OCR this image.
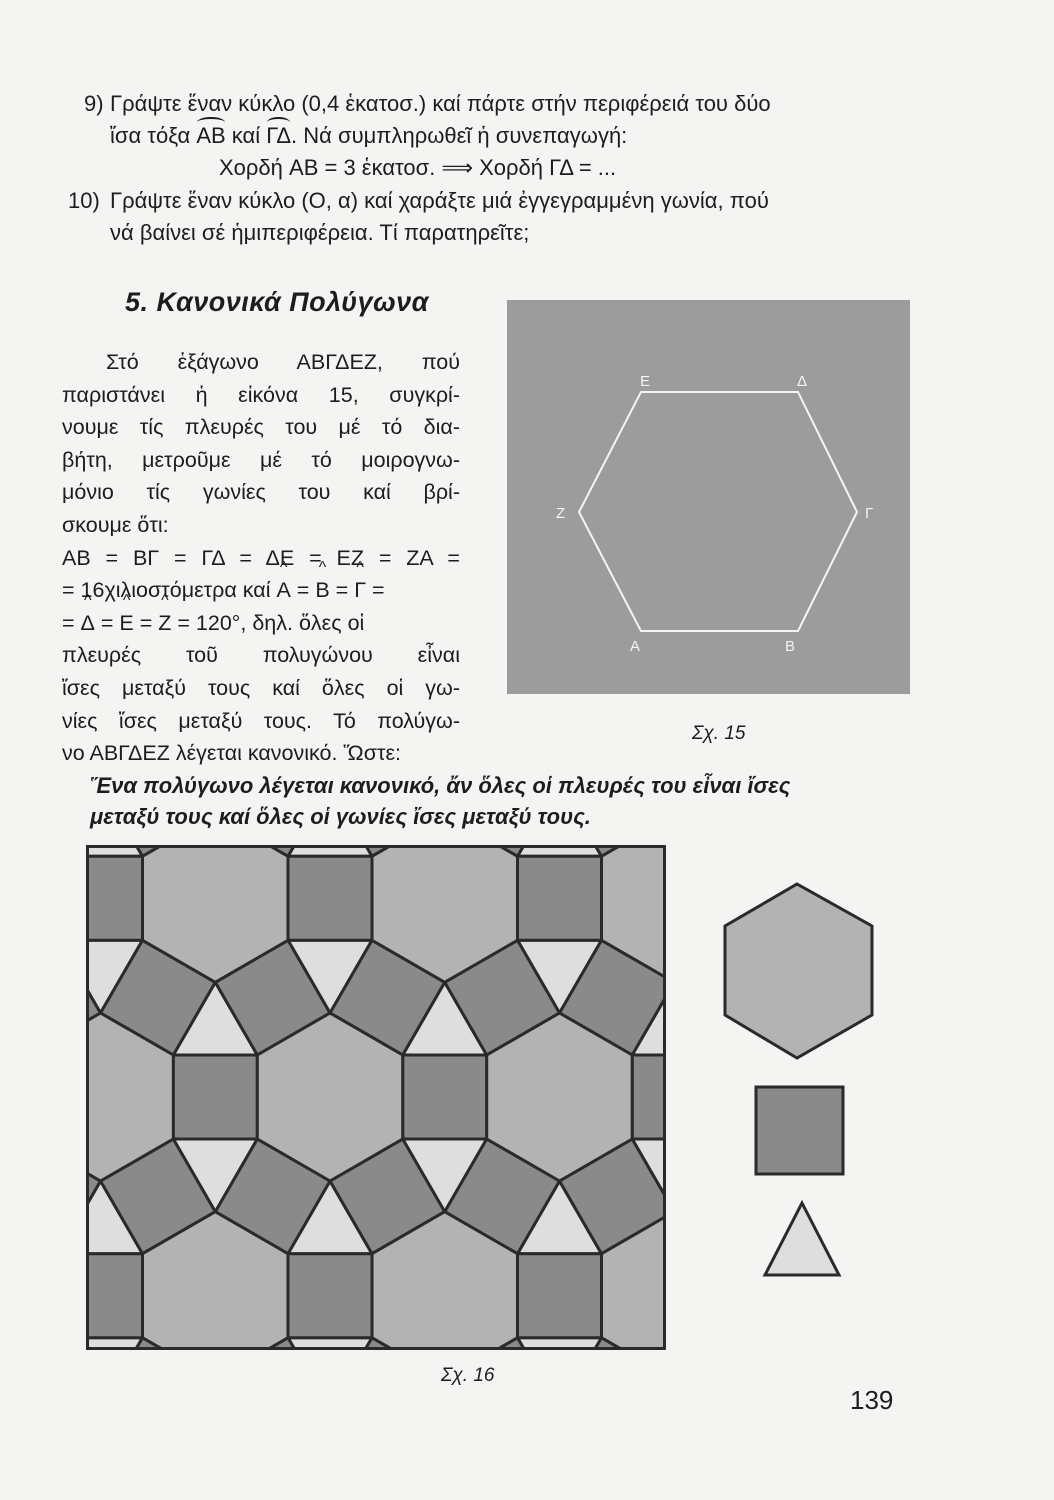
9) Γράψτε ἕναν κύκλο (0,4 ἑκατοσ.) καί πάρτε στήν περιφέρειά του δύο
ἴσα τόξα AB καί ΓΔ. Νά συμπληρωθεῖ ἡ συνεπαγωγή:
Χορδή AB = 3 ἑκατοσ. ⟹ Χορδή ΓΔ = ...
10) Γράψτε ἕναν κύκλο (O, α) καί χαράξτε μιά ἐγγεγραμμένη γωνία, πού
νά βαίνει σέ ἡμιπεριφέρεια. Τί παρατηρεῖτε;
5. Κανονικά Πολύγωνα
Στό ἑξάγωνο ΑΒΓΔΕΖ, πού
παριστάνει ἡ εἰκόνα 15, συγκρί-
νουμε τίς πλευρές του μέ τό δια-
βήτη, μετροῦμε μέ τό μοιρογνω-
μόνιο τίς γωνίες του καί βρί-
σκουμε ὅτι:
AB = BΓ = ΓΔ = ΔΕ = ΕΖ = ΖΑ =
= 16χιλιοστόμετρα καί ^ Α = ^ Β = ^ Γ =
= ^ Δ = ^ Ε = ^ Ζ = 120°, δηλ. ὅλες οἱ
πλευρές τοῦ πολυγώνου εἶναι
ἴσες μεταξύ τους καί ὅλες οἱ γω-
νίες ἴσες μεταξύ τους. Τό πολύγω-
νο ΑΒΓΔΕΖ λέγεται κανονικό. Ὥστε:
E	Δ
Z	Γ
A	B
Σχ. 15
Ἕνα πολύγωνο λέγεται κανονικό, ἄν ὅλες οἱ πλευρές του εἶναι ἴσες
μεταξύ τους καί ὅλες οἱ γωνίες ἴσες μεταξύ τους.
Σχ. 16
139
